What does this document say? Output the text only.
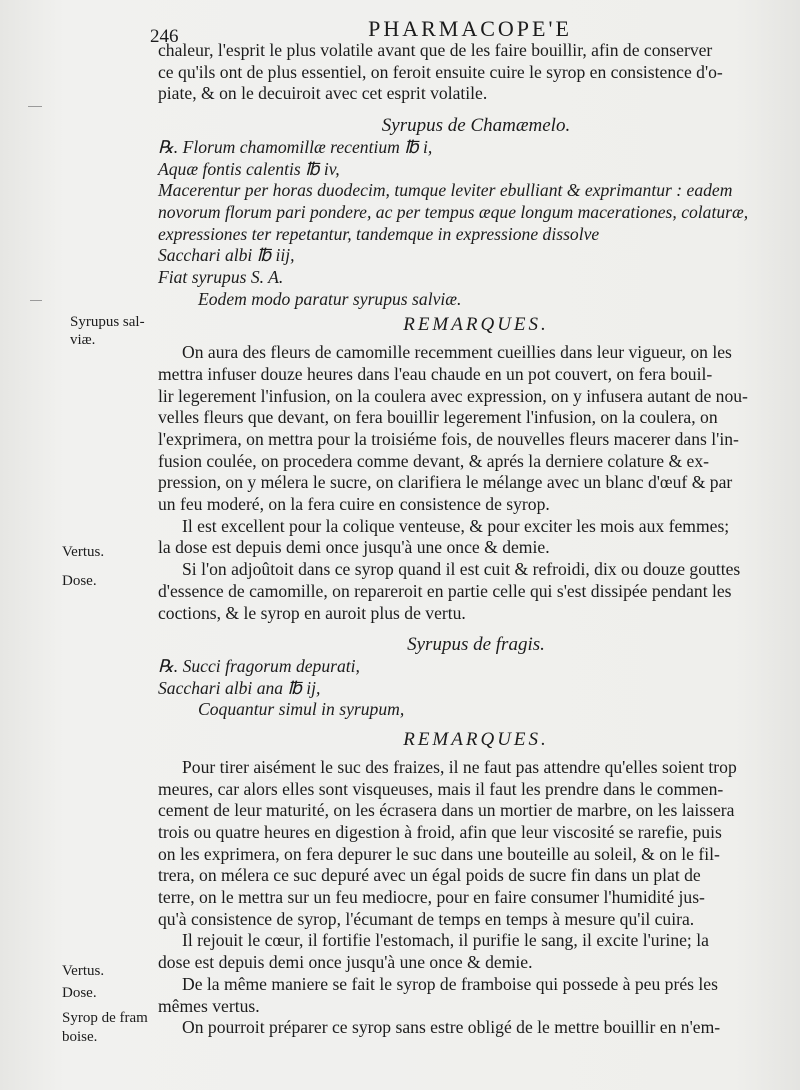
246	PHARMACOPE'E
Syrupus sal-
viæ.
Vertus.
Dose.
Vertus.
Dose.
Syrop de fram
boise.
chaleur, l'esprit le plus volatile avant que de les faire bouillir, afin de conserver
ce qu'ils ont de plus essentiel, on feroit ensuite cuire le syrop en consistence d'o-
piate, & on le decuiroit avec cet esprit volatile.
Syrupus de Chamæmelo.
℞. Florum chamomillæ recentium ℔ i,
Aquæ fontis calentis ℔ iv,
Macerentur per horas duodecim, tumque leviter ebulliant & exprimantur : eadem
novorum florum pari pondere, ac per tempus æque longum macerationes, colaturæ,
expressiones ter repetantur, tandemque in expressione dissolve
Sacchari albi ℔ iij,
Fiat syrupus S. A.
Eodem modo paratur syrupus salviæ.
REMARQUES.
On aura des fleurs de camomille recemment cueillies dans leur vigueur, on les
mettra infuser douze heures dans l'eau chaude en un pot couvert, on fera bouil-
lir legerement l'infusion, on la coulera avec expression, on y infusera autant de nou-
velles fleurs que devant, on fera bouillir legerement l'infusion, on la coulera, on
l'exprimera, on mettra pour la troisiéme fois, de nouvelles fleurs macerer dans l'in-
fusion coulée, on procedera comme devant, & aprés la derniere colature & ex-
pression, on y mélera le sucre, on clarifiera le mélange avec un blanc d'œuf & par
un feu moderé, on la fera cuire en consistence de syrop.
Il est excellent pour la colique venteuse, & pour exciter les mois aux femmes;
la dose est depuis demi once jusqu'à une once & demie.
Si l'on adjoûtoit dans ce syrop quand il est cuit & refroidi, dix ou douze gouttes
d'essence de camomille, on repareroit en partie celle qui s'est dissipée pendant les
coctions, & le syrop en auroit plus de vertu.
Syrupus de fragis.
℞. Succi fragorum depurati,
Sacchari albi ana ℔ ij,
Coquantur simul in syrupum,
REMARQUES.
Pour tirer aisément le suc des fraizes, il ne faut pas attendre qu'elles soient trop
meures, car alors elles sont visqueuses, mais il faut les prendre dans le commen-
cement de leur maturité, on les écrasera dans un mortier de marbre, on les laissera
trois ou quatre heures en digestion à froid, afin que leur viscosité se rarefie, puis
on les exprimera, on fera depurer le suc dans une bouteille au soleil, & on le fil-
trera, on mélera ce suc depuré avec un égal poids de sucre fin dans un plat de
terre, on le mettra sur un feu mediocre, pour en faire consumer l'humidité jus-
qu'à consistence de syrop, l'écumant de temps en temps à mesure qu'il cuira.
Il rejouit le cœur, il fortifie l'estomach, il purifie le sang, il excite l'urine; la
dose est depuis demi once jusqu'à une once & demie.
De la même maniere se fait le syrop de framboise qui possede à peu prés les
mêmes vertus.
On pourroit préparer ce syrop sans estre obligé de le mettre bouillir en n'em-
